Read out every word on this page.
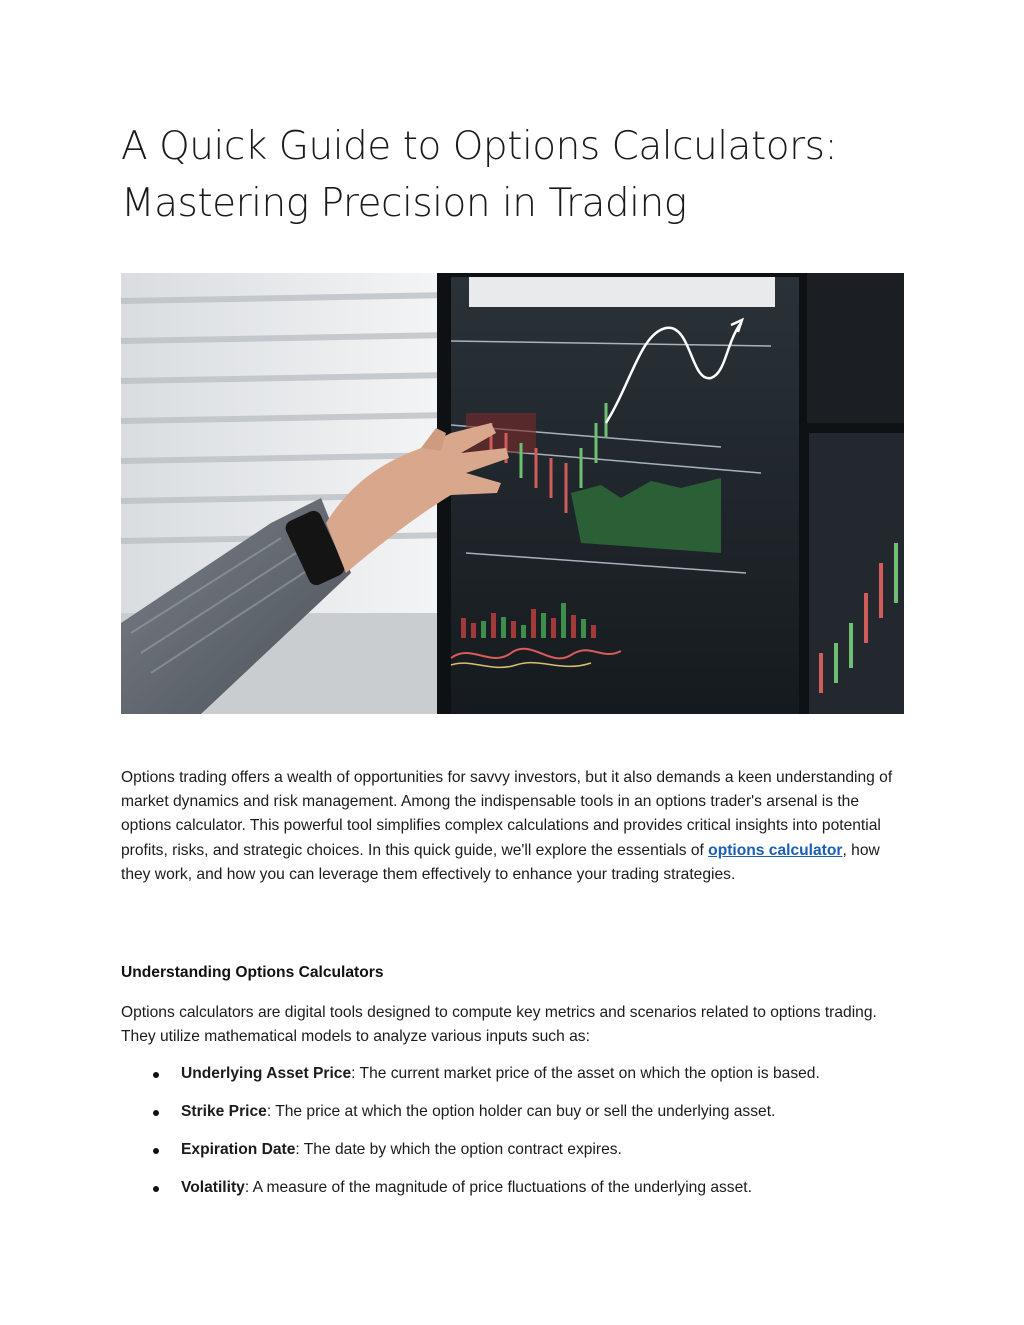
A Quick Guide to Options Calculators:
Mastering Precision in Trading
Options trading offers a wealth of opportunities for savvy investors, but it also demands a keen understanding of market dynamics and risk management. Among the indispensable tools in an options trader's arsenal is the options calculator. This powerful tool simplifies complex calculations and provides critical insights into potential profits, risks, and strategic choices. In this quick guide, we'll explore the essentials of options calculator, how they work, and how you can leverage them effectively to enhance your trading strategies.
Understanding Options Calculators
Options calculators are digital tools designed to compute key metrics and scenarios related to options trading. They utilize mathematical models to analyze various inputs such as:
Underlying Asset Price: The current market price of the asset on which the option is based.
Strike Price: The price at which the option holder can buy or sell the underlying asset.
Expiration Date: The date by which the option contract expires.
Volatility: A measure of the magnitude of price fluctuations of the underlying asset.
